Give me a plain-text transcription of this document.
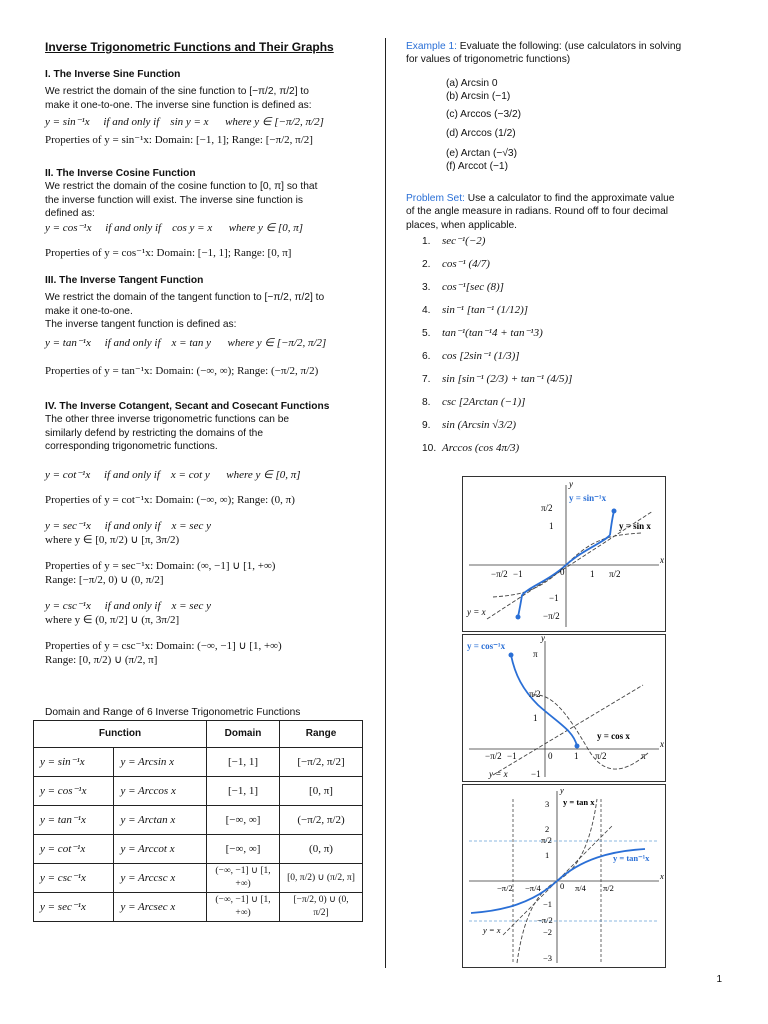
Inverse Trigonometric Functions and Their Graphs
I. The Inverse Sine Function

We restrict the domain of the sine function to [−π/2, π/2] to

make it one-to-one. The inverse sine function is defined as:

y = sin⁻¹x     if and only if    sin y = x      where y ∈ [−π/2, π/2]

Properties of y = sin⁻¹x: Domain: [−1, 1]; Range: [−π/2, π/2]

II. The Inverse Cosine Function

We restrict the domain of the cosine function to [0, π] so that

the inverse function will exist. The inverse sine function is

defined as:

y = cos⁻¹x     if and only if    cos y = x      where y ∈ [0, π]

Properties of y = cos⁻¹x: Domain: [−1, 1]; Range: [0, π]

III. The Inverse Tangent Function

We restrict the domain of the tangent function to [−π/2, π/2] to

make it one-to-one.

The inverse tangent function is defined as:

y = tan⁻¹x     if and only if    x = tan y      where y ∈ [−π/2, π/2]

Properties of y = tan⁻¹x: Domain: (−∞, ∞); Range: (−π/2, π/2)

IV. The Inverse Cotangent, Secant and Cosecant Functions

The other three inverse trigonometric functions can be

similarly defend by restricting the domains of the

corresponding trigonometric functions.

y = cot⁻¹x     if and only if    x = cot y      where y ∈ [0, π]

Properties of y = cot⁻¹x: Domain: (−∞, ∞); Range: (0, π)

y = sec⁻¹x     if and only if    x = sec y

where y ∈ [0, π/2) ∪ [π, 3π/2)

Properties of y = sec⁻¹x: Domain: (∞, −1] ∪ [1, +∞)

Range: [−π/2, 0) ∪ (0, π/2]

y = csc⁻¹x     if and only if    x = sec y

where y ∈ (0, π/2] ∪ (π, 3π/2]

Properties of y = csc⁻¹x: Domain: (−∞, −1] ∪ [1, +∞)

Range: [0, π/2) ∪ (π/2, π]

Domain and Range of 6 Inverse Trigonometric Functions

Function		Domain	Range
y = sin⁻¹x	y = Arcsin x	[−1, 1]	[−π/2, π/2]
y = cos⁻¹x	y = Arccos x	[−1, 1]	[0, π]
y = tan⁻¹x	y = Arctan x	[−∞, ∞]	(−π/2, π/2)
y = cot⁻¹x	y = Arccot x	[−∞, ∞]	(0, π)
y = csc⁻¹x	y = Arccsc x	(−∞, −1] ∪ [1, +∞)	[0, π/2) ∪ (π/2, π]
y = sec⁻¹x	y = Arcsec x	(−∞, −1] ∪ [1, +∞)	[−π/2, 0) ∪ (0, π/2]

Example 1: Evaluate the following: (use calculators in solving

for values of trigonometric functions)

(a) Arcsin 0
(b) Arcsin (−1)
(c) Arccos (−3/2)
(d) Arccos (1/2)
(e) Arctan (−√3)
(f) Arccot (−1)

Problem Set: Use a calculator to find the approximate value

of the angle measure in radians. Round off to four decimal

places, when applicable.

1. sec⁻¹(−2)
2. cos⁻¹ (4/7)
3. cos⁻¹[sec (8)]
4. sin⁻¹ [tan⁻¹ (1/12)]
5. tan⁻¹(tan⁻¹4 + tan⁻¹3)
6. cos [2sin⁻¹ (1/3)]
7. sin [sin⁻¹ (2/3) + tan⁻¹ (4/5)]
8. csc [2Arctan (−1)]
9. sin (Arcsin √3/2)
10. Arccos (cos 4π/3)
x
y
y = sin⁻¹x
y = sin x
y = x
−π/2 −1	0	1 π/2
π/2
1
−1
−π/2
x
y
y = cos⁻¹x
y = cos x
y = x
π
π/2
1
−π/2 −1	0 1 π/2	π
−1
x
y
y = tan x
y = tan⁻¹x
y = x
3
2
π/2
1
−π/2 −π/4 0 π/4 π/2
−1
−π/2
−2
−3
1
